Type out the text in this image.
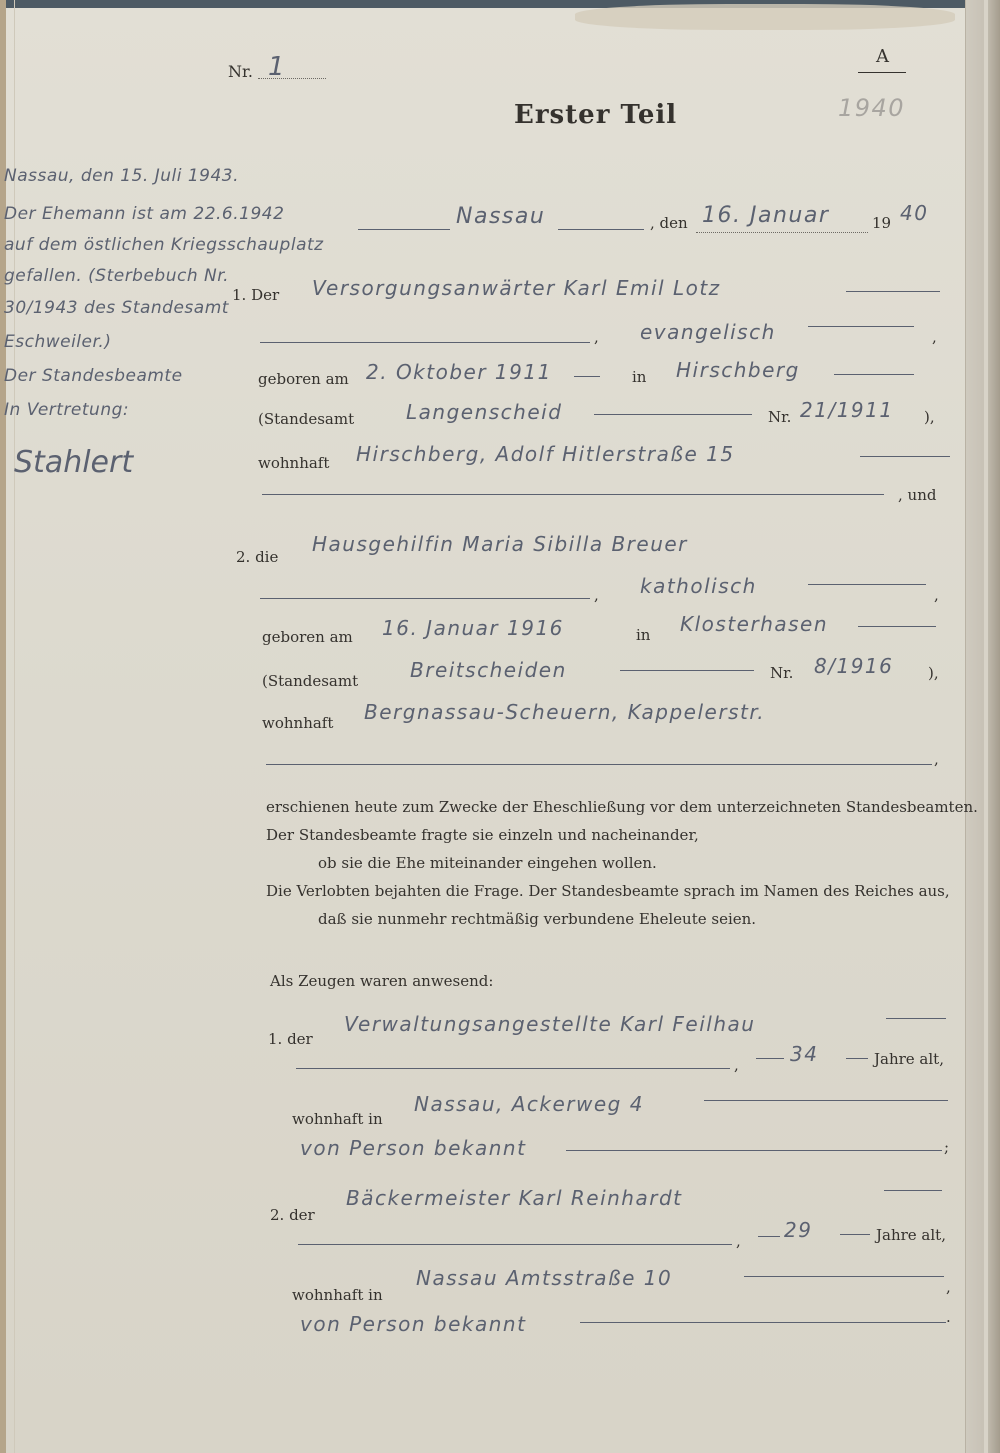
Nr. 1	A
1940
Erster Teil
Nassau, den 15. Juli 1943.
Der Ehemann ist am 22.6.1942
auf dem östlichen Kriegsschauplatz
gefallen. (Sterbebuch Nr.
30/1943 des Standesamt
Eschweiler.)
Der Standesbeamte
In Vertretung:
Stahlert
Nassau	, den 16. Januar	19 40
1. Der Versorgungsanwärter Karl Emil Lotz
, evangelisch	,
geboren am 2. Oktober 1911	in Hirschberg
(Standesamt	Langenscheid	Nr. 21/1911 ),
wohnhaft Hirschberg, Adolf Hitlerstraße 15
, und
2. die
Hausgehilfin Maria Sibilla Breuer
, katholisch	,
geboren am 16. Januar 1916	in Klosterhasen
(Standesamt	Breitscheiden	Nr. 8/1916 ),
wohnhaft Bergnassau-Scheuern, Kappelerstr.
,
erschienen heute zum Zwecke der Eheschließung vor dem unterzeichneten Standesbeamten.
Der Standesbeamte fragte sie einzeln und nacheinander,
ob sie die Ehe miteinander eingehen wollen.
Die Verlobten bejahten die Frage. Der Standesbeamte sprach im Namen des Reiches aus,
daß sie nunmehr rechtmäßig verbundene Eheleute seien.
Als Zeugen waren anwesend:
1. der
Verwaltungsangestellte Karl Feilhau
,	34	Jahre alt,
wohnhaft in
Nassau, Ackerweg 4
von Person bekannt	;
2. der
Bäckermeister Karl Reinhardt
, 29	Jahre alt,
wohnhaft in
Nassau Amtsstraße 10	,
von Person bekannt	.
